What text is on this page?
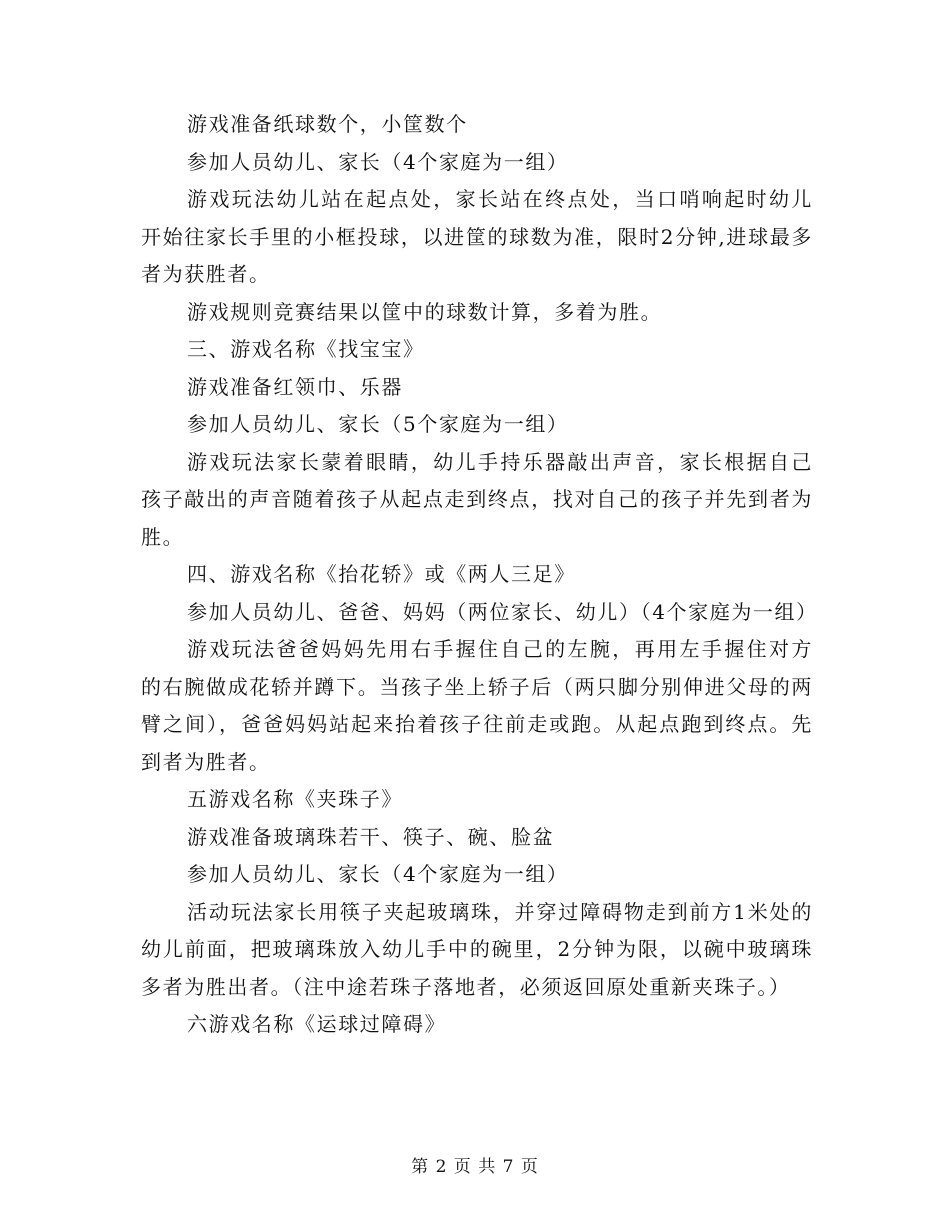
游戏准备纸球数个，小筐数个

参加人员幼儿、家长（4个家庭为一组）

游戏玩法幼儿站在起点处，家长站在终点处，当口哨响起时幼儿开始往家长手里的小框投球，以进筐的球数为准，限时2分钟,进球最多者为获胜者。

游戏规则竞赛结果以筐中的球数计算，多着为胜。

三、游戏名称《找宝宝》

游戏准备红领巾、乐器

参加人员幼儿、家长（5个家庭为一组）

游戏玩法家长蒙着眼睛，幼儿手持乐器敲出声音，家长根据自己孩子敲出的声音随着孩子从起点走到终点，找对自己的孩子并先到者为胜。

四、游戏名称《抬花轿》或《两人三足》

参加人员幼儿、爸爸、妈妈（两位家长、幼儿）（4个家庭为一组）

游戏玩法爸爸妈妈先用右手握住自己的左腕，再用左手握住对方的右腕做成花轿并蹲下。当孩子坐上轿子后（两只脚分别伸进父母的两臂之间），爸爸妈妈站起来抬着孩子往前走或跑。从起点跑到终点。先到者为胜者。

五游戏名称《夹珠子》

游戏准备玻璃珠若干、筷子、碗、脸盆

参加人员幼儿、家长（4个家庭为一组）

活动玩法家长用筷子夹起玻璃珠，并穿过障碍物走到前方1米处的幼儿前面，把玻璃珠放入幼儿手中的碗里，2分钟为限，以碗中玻璃珠多者为胜出者。（注中途若珠子落地者，必须返回原处重新夹珠子。）

六游戏名称《运球过障碍》

第 2 页 共 7 页
